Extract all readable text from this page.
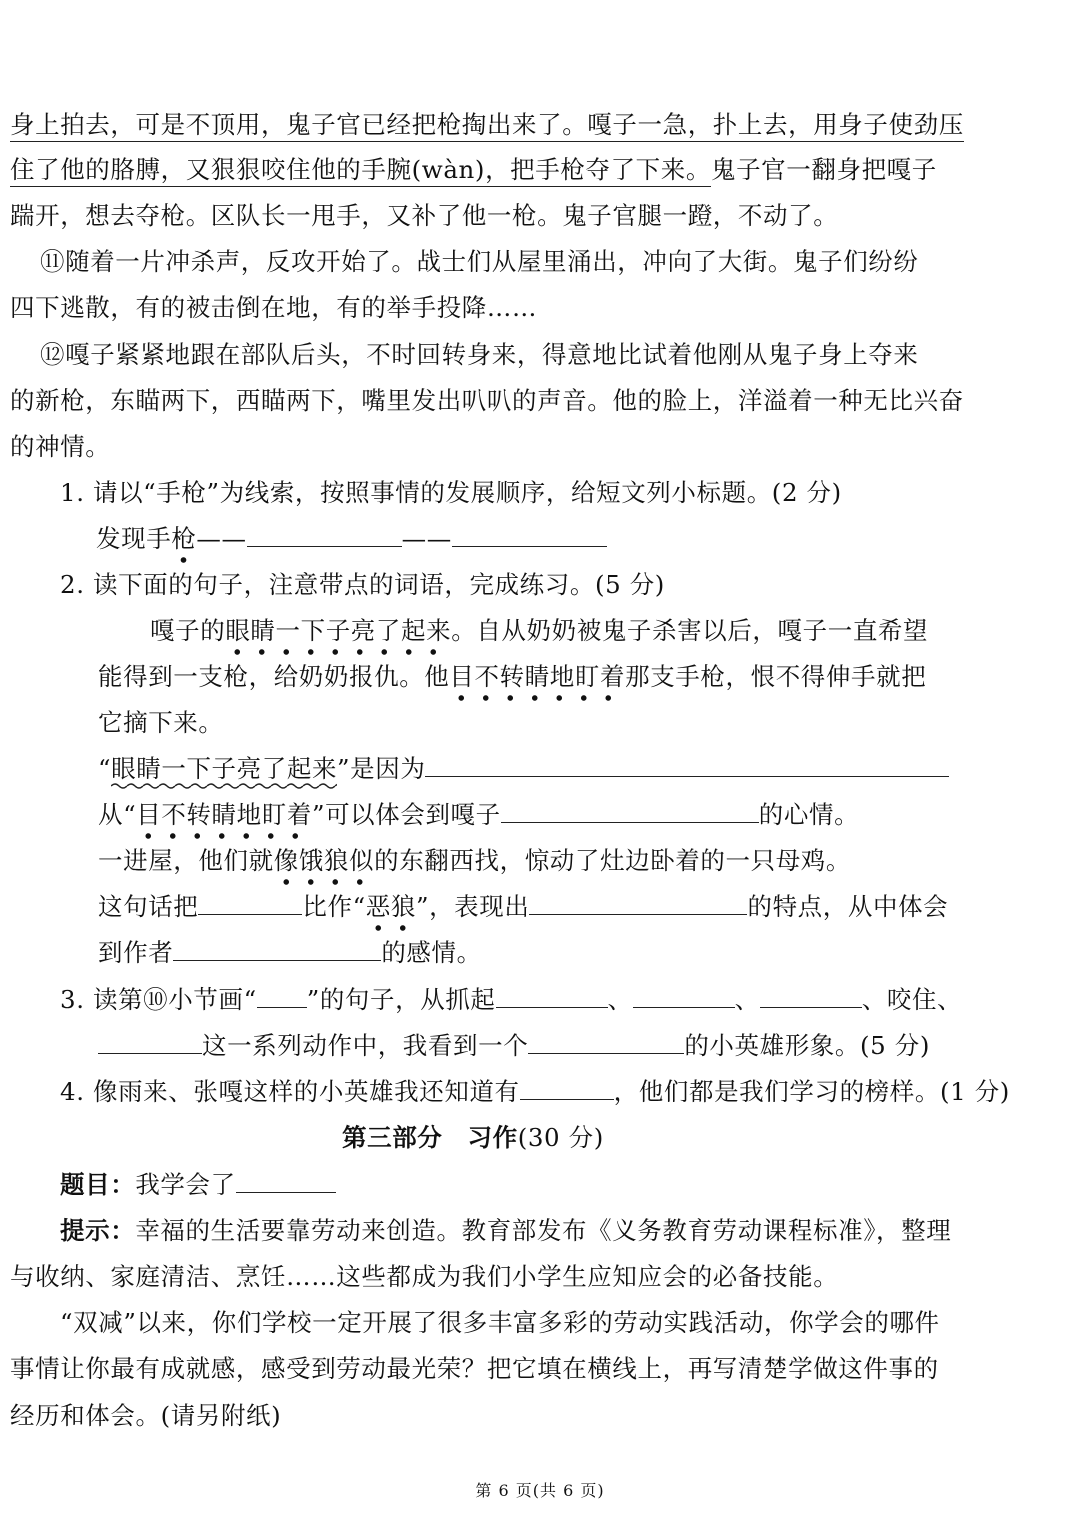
身上拍去，可是不顶用，鬼子官已经把枪掏出来了。嘎子一急，扑上去，用身子使劲压
住了他的胳膊，又狠狠咬住他的手腕(wàn)，把手枪夺了下来。鬼子官一翻身把嘎子
踹开，想去夺枪。区队长一甩手，又补了他一枪。鬼子官腿一蹬，不动了。
⑪随着一片冲杀声，反攻开始了。战士们从屋里涌出，冲向了大街。鬼子们纷纷
四下逃散，有的被击倒在地，有的举手投降……
⑫嘎子紧紧地跟在部队后头，不时回转身来，得意地比试着他刚从鬼子身上夺来
的新枪，东瞄两下，西瞄两下，嘴里发出叭叭的声音。他的脸上，洋溢着一种无比兴奋
的神情。
1. 请以“手枪”为线索，按照事情的发展顺序，给短文列小标题。(2 分)
发现手枪——	——
2. 读下面的句子，注意带点的词语，完成练习。(5 分)
嘎子的眼睛一下子亮了起来。自从奶奶被鬼子杀害以后，嘎子一直希望
能得到一支枪，给奶奶报仇。他目不转睛地盯着那支手枪，恨不得伸手就把
它摘下来。
“眼睛一下子亮了起来”是因为
从“目不转睛地盯着”可以体会到嘎子	的心情。
一进屋，他们就像饿狼似的东翻西找，惊动了灶边卧着的一只母鸡。
这句话把	比作“恶狼”，表现出	的特点，从中体会
到作者	的感情。
3. 读第⑩小节画“ ”的句子，从抓起	、	、	、咬住、
这一系列动作中，我看到一个	的小英雄形象。(5 分)
4. 像雨来、张嘎这样的小英雄我还知道有	，他们都是我们学习的榜样。(1 分)
第三部分　习作(30 分)
题目：我学会了
提示：幸福的生活要靠劳动来创造。教育部发布《义务教育劳动课程标准》，整理
与收纳、家庭清洁、烹饪……这些都成为我们小学生应知应会的必备技能。
“双减”以来，你们学校一定开展了很多丰富多彩的劳动实践活动，你学会的哪件
事情让你最有成就感，感受到劳动最光荣？把它填在横线上，再写清楚学做这件事的
经历和体会。(请另附纸)
第 6 页(共 6 页)
